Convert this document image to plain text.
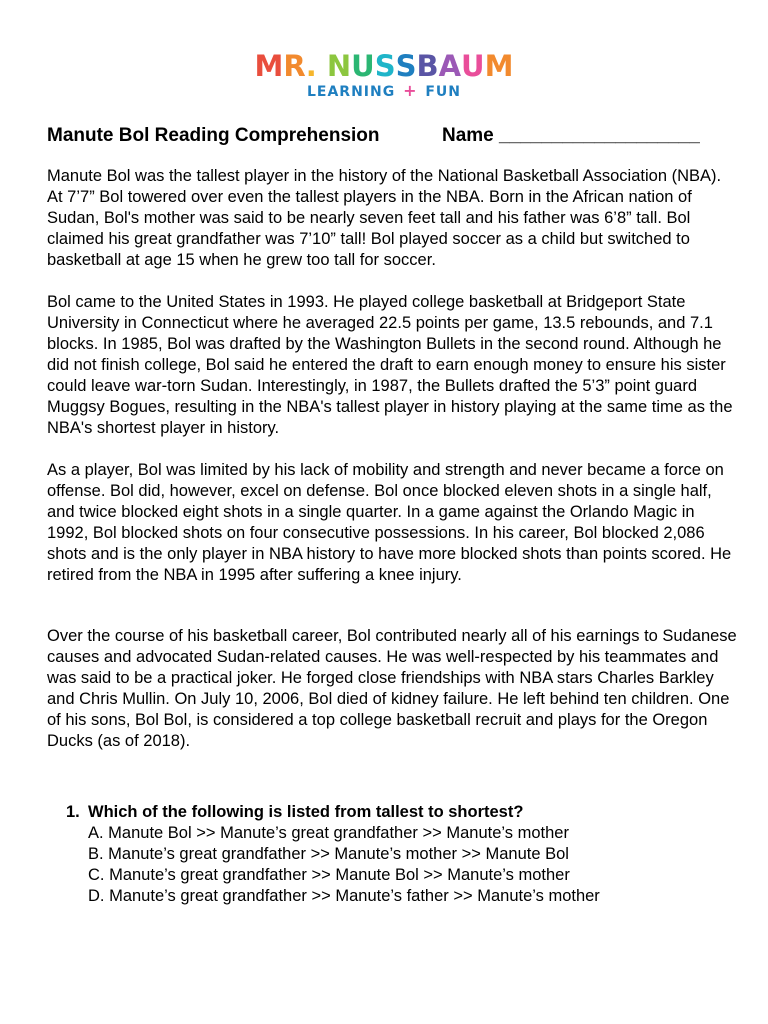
MR. NUSSBAUM
LEARNING + FUN
Manute Bol Reading Comprehension	Name ___________________

Manute Bol was the tallest player in the history of the National Basketball Association (NBA). At 7’7” Bol towered over even the tallest players in the NBA. Born in the African nation of Sudan, Bol's mother was said to be nearly seven feet tall and his father was 6’8” tall. Bol claimed his great grandfather was 7’10” tall! Bol played soccer as a child but switched to basketball at age 15 when he grew too tall for soccer.

Bol came to the United States in 1993. He played college basketball at Bridgeport State University in Connecticut where he averaged 22.5 points per game, 13.5 rebounds, and 7.1 blocks. In 1985, Bol was drafted by the Washington Bullets in the second round. Although he did not finish college, Bol said he entered the draft to earn enough money to ensure his sister could leave war-torn Sudan. Interestingly, in 1987, the Bullets drafted the 5’3” point guard Muggsy Bogues, resulting in the NBA's tallest player in history playing at the same time as the NBA's shortest player in history.

As a player, Bol was limited by his lack of mobility and strength and never became a force on offense. Bol did, however, excel on defense. Bol once blocked eleven shots in a single half, and twice blocked eight shots in a single quarter. In a game against the Orlando Magic in 1992, Bol blocked shots on four consecutive possessions. In his career, Bol blocked 2,086 shots and is the only player in NBA history to have more blocked shots than points scored. He retired from the NBA in 1995 after suffering a knee injury.

Over the course of his basketball career, Bol contributed nearly all of his earnings to Sudanese causes and advocated Sudan-related causes. He was well-respected by his teammates and was said to be a practical joker. He forged close friendships with NBA stars Charles Barkley and Chris Mullin. On July 10, 2006, Bol died of kidney failure. He left behind ten children. One of his sons, Bol Bol, is considered a top college basketball recruit and plays for the Oregon Ducks (as of 2018).

1. Which of the following is listed from tallest to shortest?
A. Manute Bol >> Manute’s great grandfather >> Manute’s mother
B. Manute’s great grandfather >> Manute’s mother >> Manute Bol
C. Manute’s great grandfather >> Manute Bol >> Manute’s mother
D. Manute’s great grandfather >> Manute’s father >> Manute’s mother
